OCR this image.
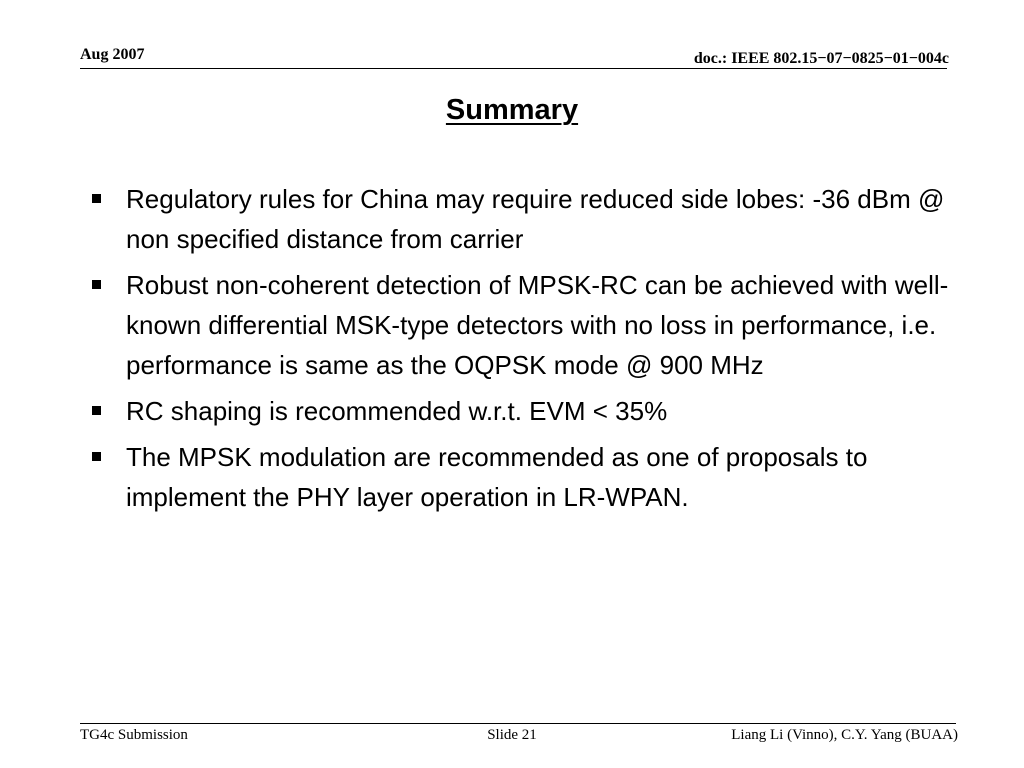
Aug 2007	doc.: IEEE 802.15−07−0825−01−004c
Summary
Regulatory rules for China may require reduced side lobes: -36 dBm @ non specified distance from carrier
Robust non-coherent detection of MPSK-RC can be achieved with well-known differential MSK-type detectors with no loss in performance, i.e. performance is same as the OQPSK mode @ 900 MHz
RC shaping is recommended w.r.t. EVM < 35%
The MPSK modulation are recommended as one of proposals to implement the PHY layer operation in LR-WPAN.
TG4c Submission	Slide 21	Liang Li (Vinno), C.Y. Yang (BUAA)
